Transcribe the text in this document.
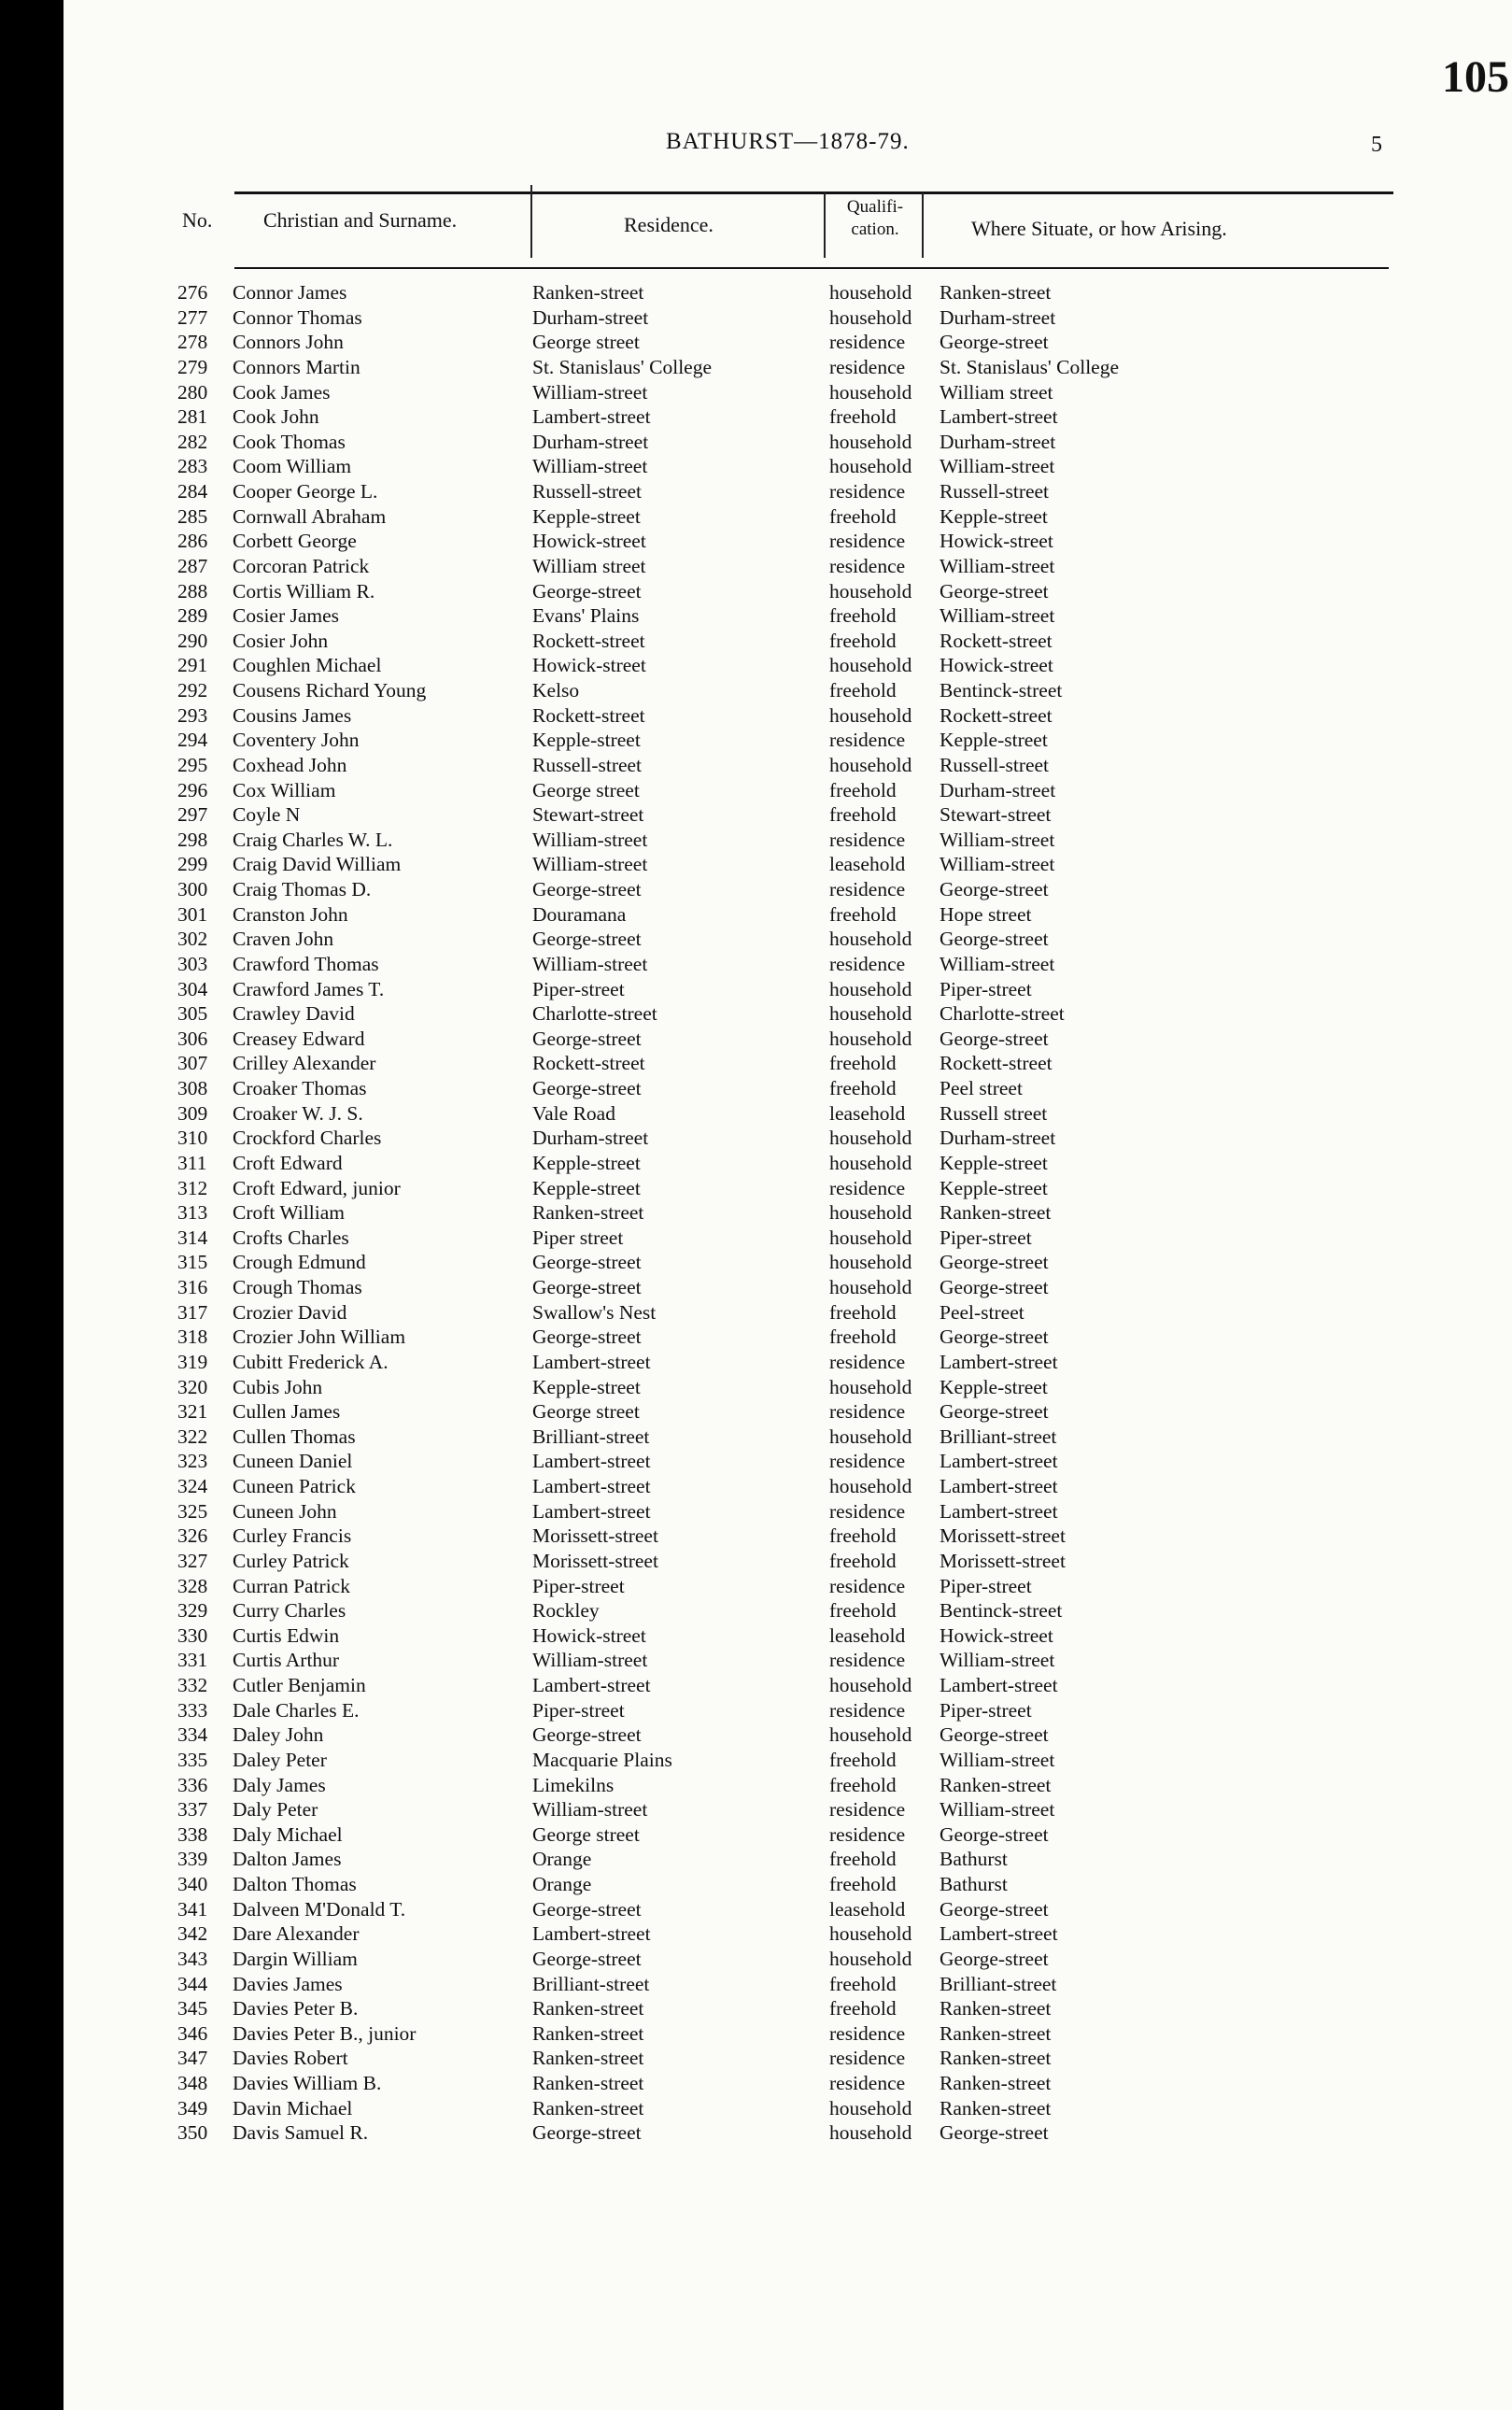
105
BATHURST—1878-79.	5
No. Christian and Surname.	Residence.
Qualifi-
cation.	Where Situate, or how Arising.
276 Connor James	Ranken-street	household Ranken-street
277 Connor Thomas	Durham-street	household Durham-street
278 Connors John	George street	residence George-street
279 Connors Martin	St. Stanislaus' College	residence St. Stanislaus' College
280 Cook James	William-street	household William street
281 Cook John	Lambert-street	freehold Lambert-street
282 Cook Thomas	Durham-street	household Durham-street
283 Coom William	William-street	household William-street
284 Cooper George L.	Russell-street	residence Russell-street
285 Cornwall Abraham	Kepple-street	freehold Kepple-street
286 Corbett George	Howick-street	residence Howick-street
287 Corcoran Patrick	William street	residence William-street
288 Cortis William R.	George-street	household George-street
289 Cosier James	Evans' Plains	freehold William-street
290 Cosier John	Rockett-street	freehold Rockett-street
291 Coughlen Michael	Howick-street	household Howick-street
292 Cousens Richard Young	Kelso	freehold Bentinck-street
293 Cousins James	Rockett-street	household Rockett-street
294 Coventery John	Kepple-street	residence Kepple-street
295 Coxhead John	Russell-street	household Russell-street
296 Cox William	George street	freehold Durham-street
297 Coyle N	Stewart-street	freehold Stewart-street
298 Craig Charles W. L.	William-street	residence William-street
299 Craig David William	William-street	leasehold William-street
300 Craig Thomas D.	George-street	residence George-street
301 Cranston John	Douramana	freehold Hope street
302 Craven John	George-street	household George-street
303 Crawford Thomas	William-street	residence William-street
304 Crawford James T.	Piper-street	household Piper-street
305 Crawley David	Charlotte-street	household Charlotte-street
306 Creasey Edward	George-street	household George-street
307 Crilley Alexander	Rockett-street	freehold Rockett-street
308 Croaker Thomas	George-street	freehold Peel street
309 Croaker W. J. S.	Vale Road	leasehold Russell street
310 Crockford Charles	Durham-street	household Durham-street
311 Croft Edward	Kepple-street	household Kepple-street
312 Croft Edward, junior	Kepple-street	residence Kepple-street
313 Croft William	Ranken-street	household Ranken-street
314 Crofts Charles	Piper street	household Piper-street
315 Crough Edmund	George-street	household George-street
316 Crough Thomas	George-street	household George-street
317 Crozier David	Swallow's Nest	freehold Peel-street
318 Crozier John William	George-street	freehold George-street
319 Cubitt Frederick A.	Lambert-street	residence Lambert-street
320 Cubis John	Kepple-street	household Kepple-street
321 Cullen James	George street	residence George-street
322 Cullen Thomas	Brilliant-street	household Brilliant-street
323 Cuneen Daniel	Lambert-street	residence Lambert-street
324 Cuneen Patrick	Lambert-street	household Lambert-street
325 Cuneen John	Lambert-street	residence Lambert-street
326 Curley Francis	Morissett-street	freehold Morissett-street
327 Curley Patrick	Morissett-street	freehold Morissett-street
328 Curran Patrick	Piper-street	residence Piper-street
329 Curry Charles	Rockley	freehold Bentinck-street
330 Curtis Edwin	Howick-street	leasehold Howick-street
331 Curtis Arthur	William-street	residence William-street
332 Cutler Benjamin	Lambert-street	household Lambert-street
333 Dale Charles E.	Piper-street	residence Piper-street
334 Daley John	George-street	household George-street
335 Daley Peter	Macquarie Plains	freehold William-street
336 Daly James	Limekilns	freehold Ranken-street
337 Daly Peter	William-street	residence William-street
338 Daly Michael	George street	residence George-street
339 Dalton James	Orange	freehold Bathurst
340 Dalton Thomas	Orange	freehold Bathurst
341 Dalveen M'Donald T.	George-street	leasehold George-street
342 Dare Alexander	Lambert-street	household Lambert-street
343 Dargin William	George-street	household George-street
344 Davies James	Brilliant-street	freehold Brilliant-street
345 Davies Peter B.	Ranken-street	freehold Ranken-street
346 Davies Peter B., junior	Ranken-street	residence Ranken-street
347 Davies Robert	Ranken-street	residence Ranken-street
348 Davies William B.	Ranken-street	residence Ranken-street
349 Davin Michael	Ranken-street	household Ranken-street
350 Davis Samuel R.	George-street	household George-street
